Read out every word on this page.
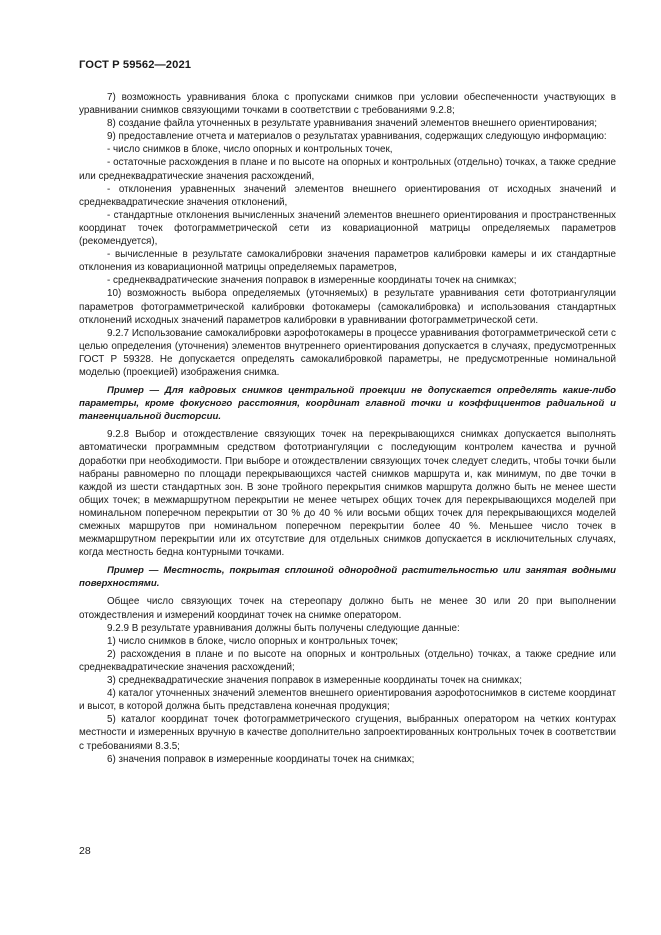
ГОСТ Р 59562—2021

7) возможность уравнивания блока с пропусками снимков при условии обеспеченности участвующих в уравнивании снимков связующими точками в соответствии с требованиями 9.2.8;

8) создание файла уточненных в результате уравнивания значений элементов внешнего ориентирования;

9) предоставление отчета и материалов о результатах уравнивания, содержащих следующую информацию:

- число снимков в блоке, число опорных и контрольных точек,

- остаточные расхождения в плане и по высоте на опорных и контрольных (отдельно) точках, а также средние или среднеквадратические значения расхождений,

- отклонения уравненных значений элементов внешнего ориентирования от исходных значений и среднеквадратические значения отклонений,

- стандартные отклонения вычисленных значений элементов внешнего ориентирования и пространственных координат точек фотограмметрической сети из ковариационной матрицы определяемых параметров (рекомендуется),

- вычисленные в результате самокалибровки значения параметров калибровки камеры и их стандартные отклонения из ковариационной матрицы определяемых параметров,

- среднеквадратические значения поправок в измеренные координаты точек на снимках;

10) возможность выбора определяемых (уточняемых) в результате уравнивания сети фототриангуляции параметров фотограмметрической калибровки фотокамеры (самокалибровка) и использования стандартных отклонений исходных значений параметров калибровки в уравнивании фотограмметрической сети.

9.2.7 Использование самокалибровки аэрофотокамеры в процессе уравнивания фотограмметрической сети с целью определения (уточнения) элементов внутреннего ориентирования допускается в случаях, предусмотренных ГОСТ Р 59328. Не допускается определять самокалибровкой параметры, не предусмотренные номинальной моделью (проекцией) изображения снимка.

Пример — Для кадровых снимков центральной проекции не допускается определять какие-либо параметры, кроме фокусного расстояния, координат главной точки и коэффициентов радиальной и тангенциальной дисторсии.

9.2.8 Выбор и отождествление связующих точек на перекрывающихся снимках допускается выполнять автоматически программным средством фототриангуляции с последующим контролем качества и ручной доработки при необходимости. При выборе и отождествлении связующих точек следует следить, чтобы точки были набраны равномерно по площади перекрывающихся частей снимков маршрута и, как минимум, по две точки в каждой из шести стандартных зон. В зоне тройного перекрытия снимков маршрута должно быть не менее шести общих точек; в межмаршрутном перекрытии не менее четырех общих точек для перекрывающихся моделей при номинальном поперечном перекрытии от 30 % до 40 % или восьми общих точек для перекрывающихся моделей смежных маршрутов при номинальном поперечном перекрытии более 40 %. Меньшее число точек в межмаршрутном перекрытии или их отсутствие для отдельных снимков допускается в исключительных случаях, когда местность бедна контурными точками.

Пример — Местность, покрытая сплошной однородной растительностью или занятая водными поверхностями.

Общее число связующих точек на стереопару должно быть не менее 30 или 20 при выполнении отождествления и измерений координат точек на снимке оператором.

9.2.9 В результате уравнивания должны быть получены следующие данные:

1) число снимков в блоке, число опорных и контрольных точек;

2) расхождения в плане и по высоте на опорных и контрольных (отдельно) точках, а также средние или среднеквадратические значения расхождений;

3) среднеквадратические значения поправок в измеренные координаты точек на снимках;

4) каталог уточненных значений элементов внешнего ориентирования аэрофотоснимков в системе координат и высот, в которой должна быть представлена конечная продукция;

5) каталог координат точек фотограмметрического сгущения, выбранных оператором на четких контурах местности и измеренных вручную в качестве дополнительно запроектированных контрольных точек в соответствии с требованиями 8.3.5;

6) значения поправок в измеренные координаты точек на снимках;

28
